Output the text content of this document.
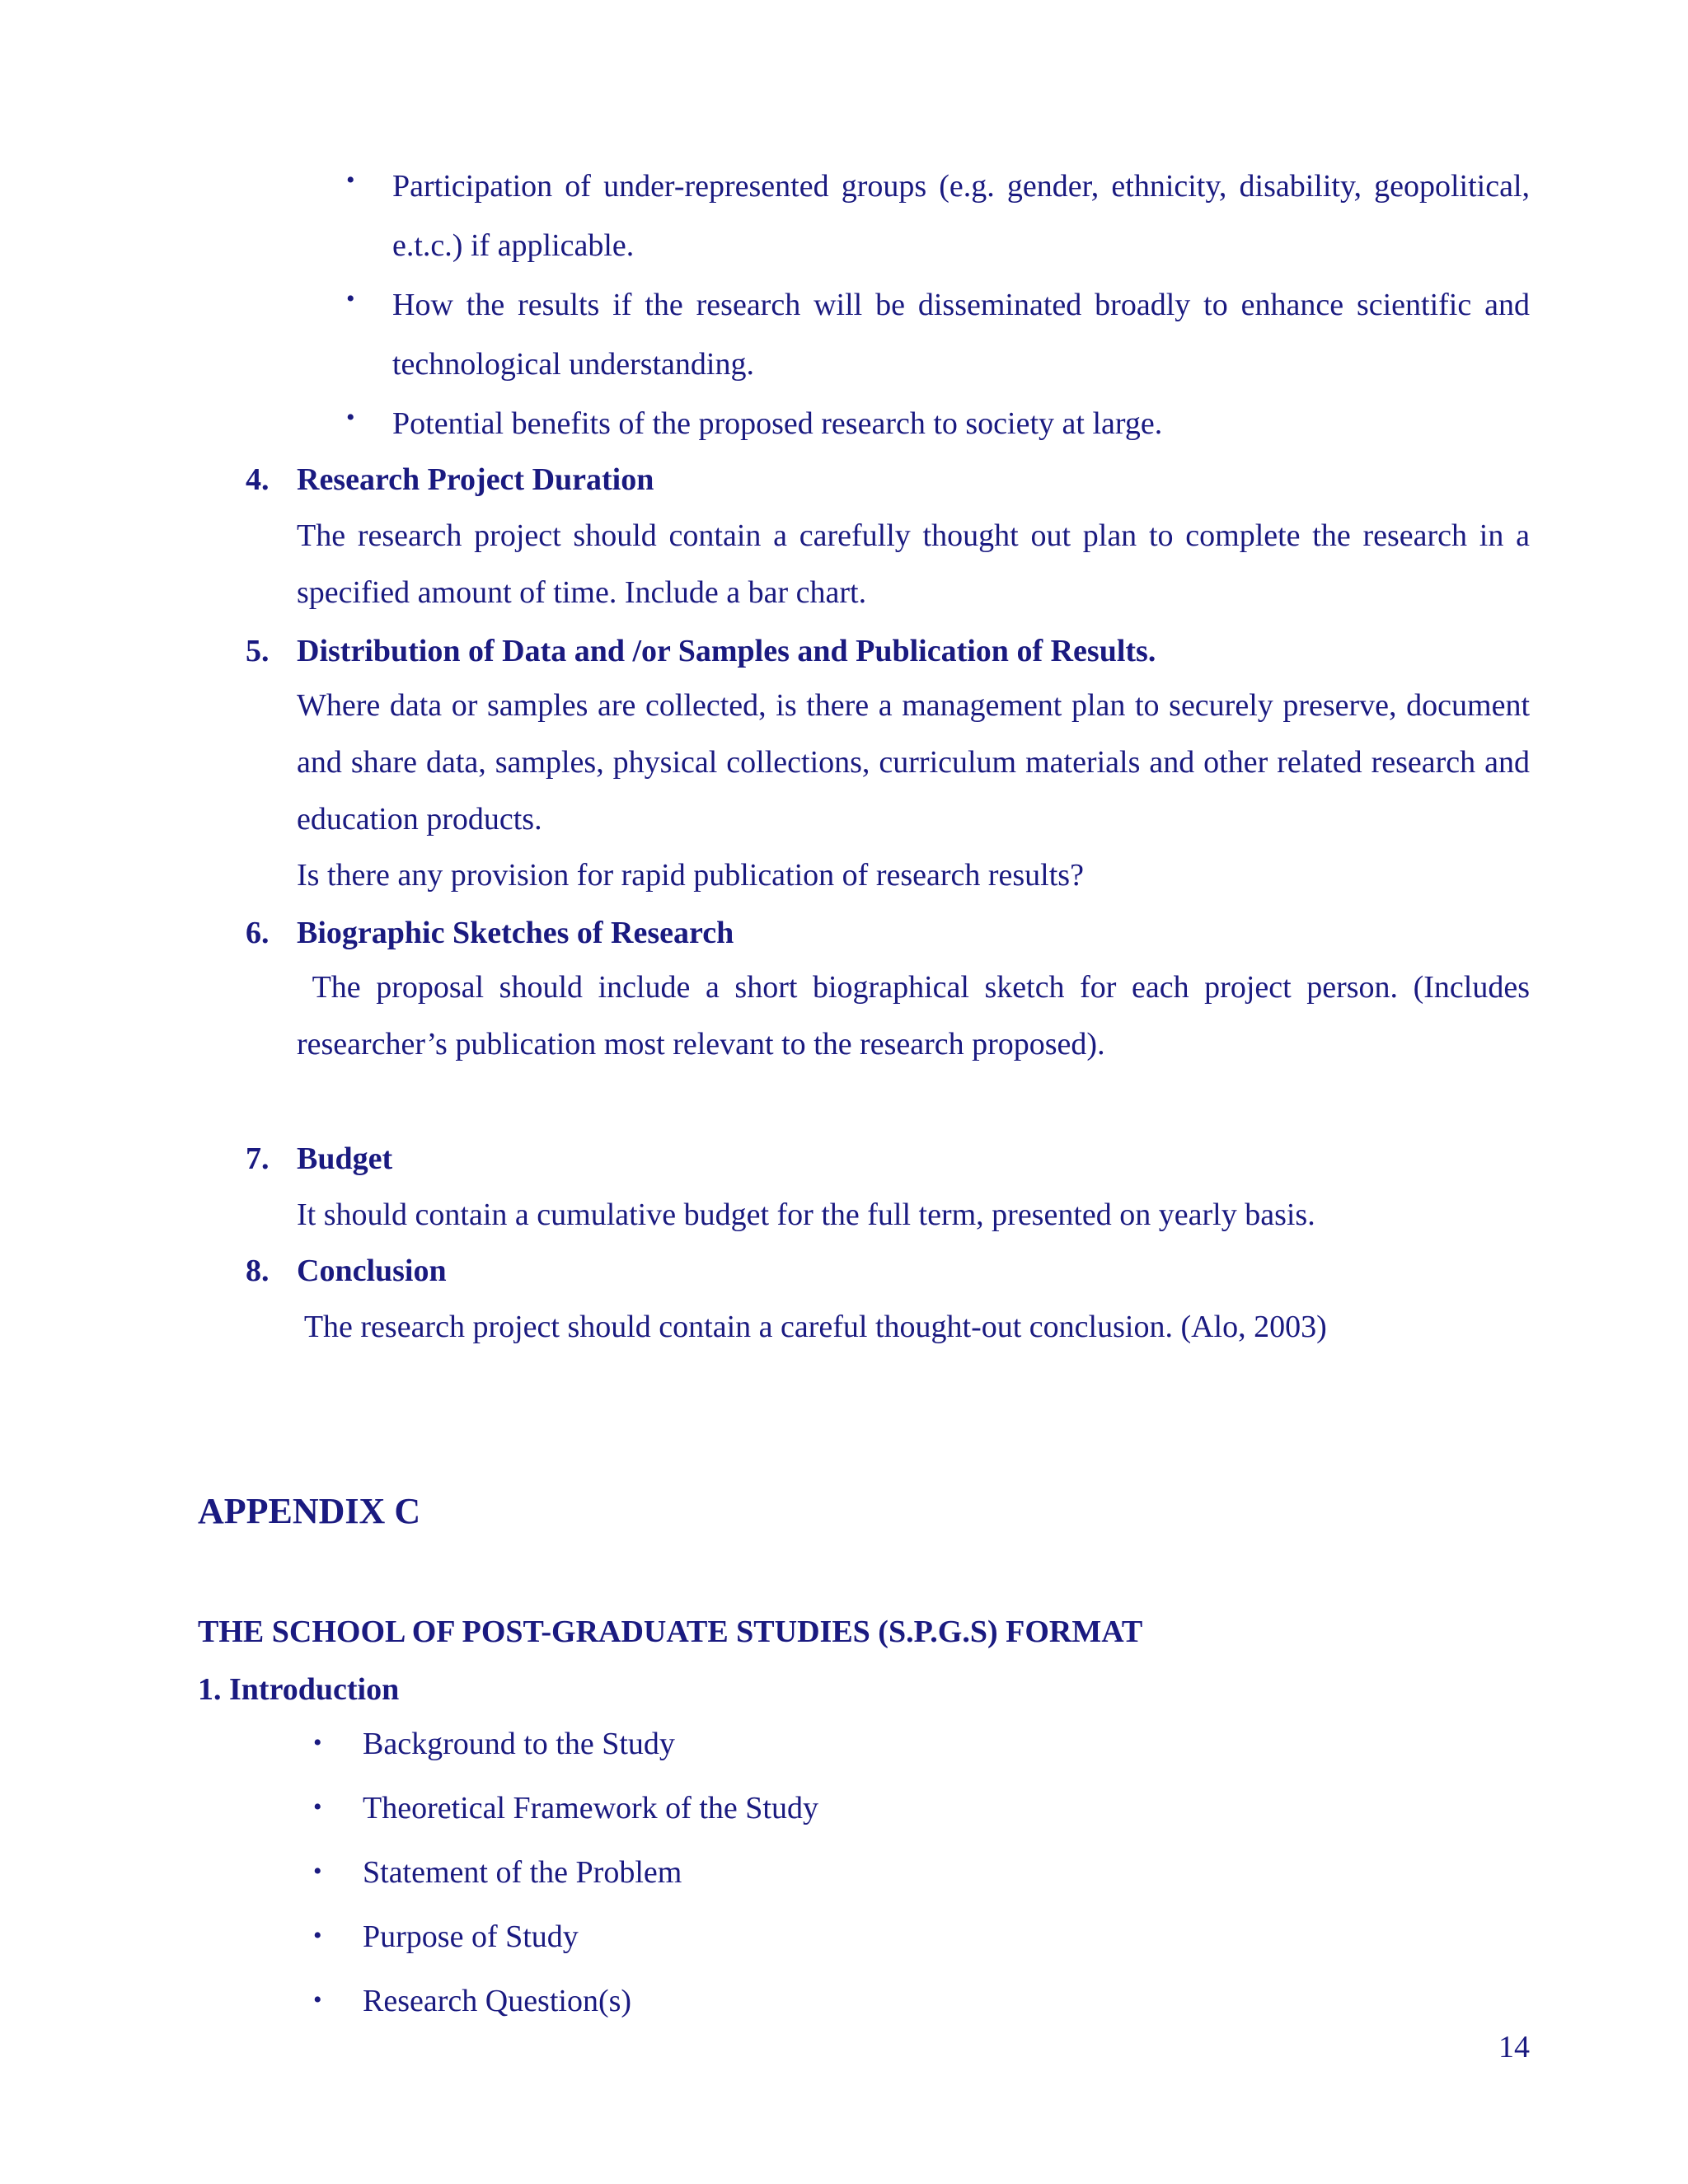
• Participation of under-represented groups (e.g. gender, ethnicity, disability, geopolitical, e.t.c.) if applicable.
• How the results if the research will be disseminated broadly to enhance scientific and technological understanding.
• Potential benefits of the proposed research to society at large.
4. Research Project Duration
The research project should contain a carefully thought out plan to complete the research in a specified amount of time. Include a bar chart.
5. Distribution of Data and /or Samples and Publication of Results.
Where data or samples are collected, is there a management plan to securely preserve, document and share data, samples, physical collections, curriculum materials and other related research and education products.
Is there any provision for rapid publication of research results?
6. Biographic Sketches of Research
The proposal should include a short biographical sketch for each project person. (Includes researcher’s publication most relevant to the research proposed).
7. Budget
It should contain a cumulative budget for the full term, presented on yearly basis.
8. Conclusion
The research project should contain a careful thought-out conclusion. (Alo, 2003)
APPENDIX C
THE SCHOOL OF POST-GRADUATE STUDIES (S.P.G.S) FORMAT
1. Introduction
• Background to the Study
• Theoretical Framework of the Study
• Statement of the Problem
• Purpose of Study
• Research Question(s)
14
